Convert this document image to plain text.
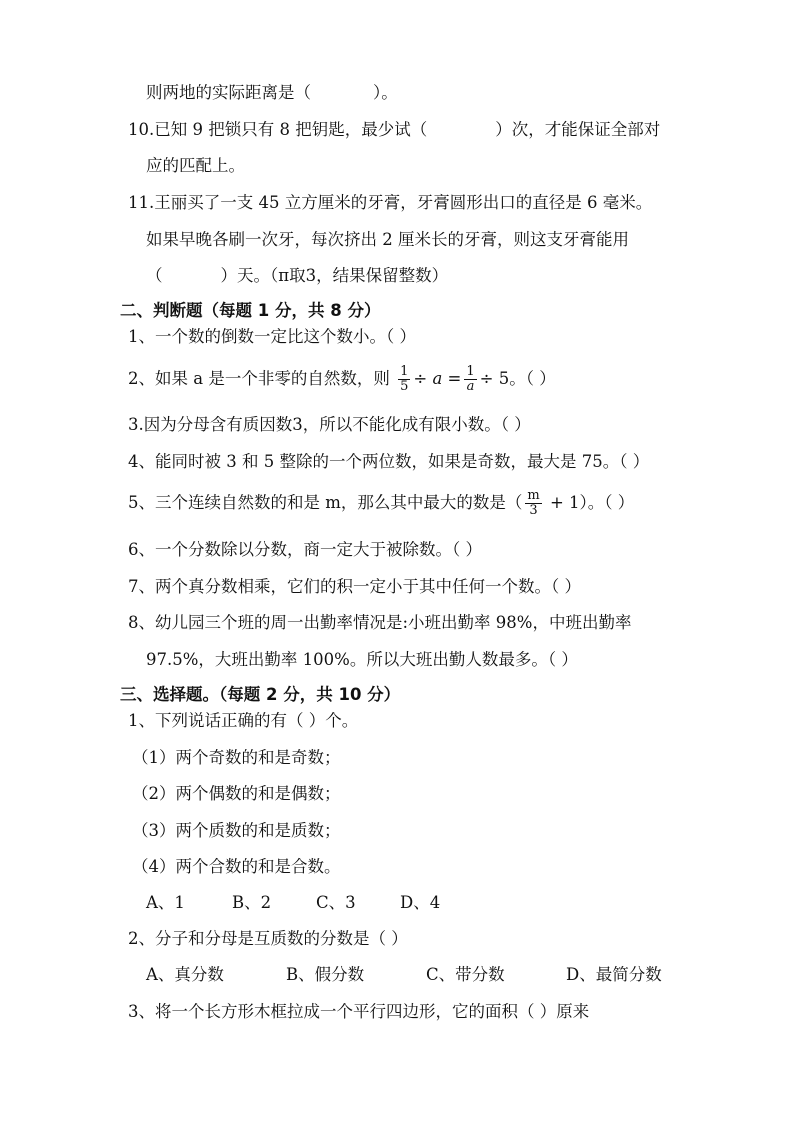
则两地的实际距离是（	）。
10.已知 9 把锁只有 8 把钥匙，最少试（	）次，才能保证全部对
应的匹配上。
11.王丽买了一支 45 立方厘米的牙膏，牙膏圆形出口的直径是 6 毫米。
如果早晚各刷一次牙，每次挤出 2 厘米长的牙膏，则这支牙膏能用
（	）天。（π取3，结果保留整数）
二、判断题（每题 1 分，共 8 分）
1、一个数的倒数一定比这个数小。（ ）
2、如果 a 是一个非零的自然数，则 $\frac{1}{5} \div a = \frac{1}{a} \div 5$。（ ）
3.因为分母含有质因数3，所以不能化成有限小数。（ ）
4、能同时被 3 和 5 整除的一个两位数，如果是奇数，最大是 75。（ ）
5、三个连续自然数的和是 m，那么其中最大的数是（ $\frac{m}{3} + 1$）。（ ）
6、一个分数除以分数，商一定大于被除数。（ ）
7、两个真分数相乘，它们的积一定小于其中任何一个数。（ ）
8、幼儿园三个班的周一出勤率情况是:小班出勤率 98%，中班出勤率
97.5%，大班出勤率 100%。所以大班出勤人数最多。（ ）
三、选择题。（每题 2 分，共 10 分）
1、下列说话正确的有（ ）个。
（1）两个奇数的和是奇数；
（2）两个偶数的和是偶数；
（3）两个质数的和是质数；
（4）两个合数的和是合数。
A、1	B、2	C、3	D、4
2、分子和分母是互质数的分数是（ ）
A、真分数	B、假分数	C、带分数	D、最简分数
3、将一个长方形木框拉成一个平行四边形，它的面积（ ）原来
